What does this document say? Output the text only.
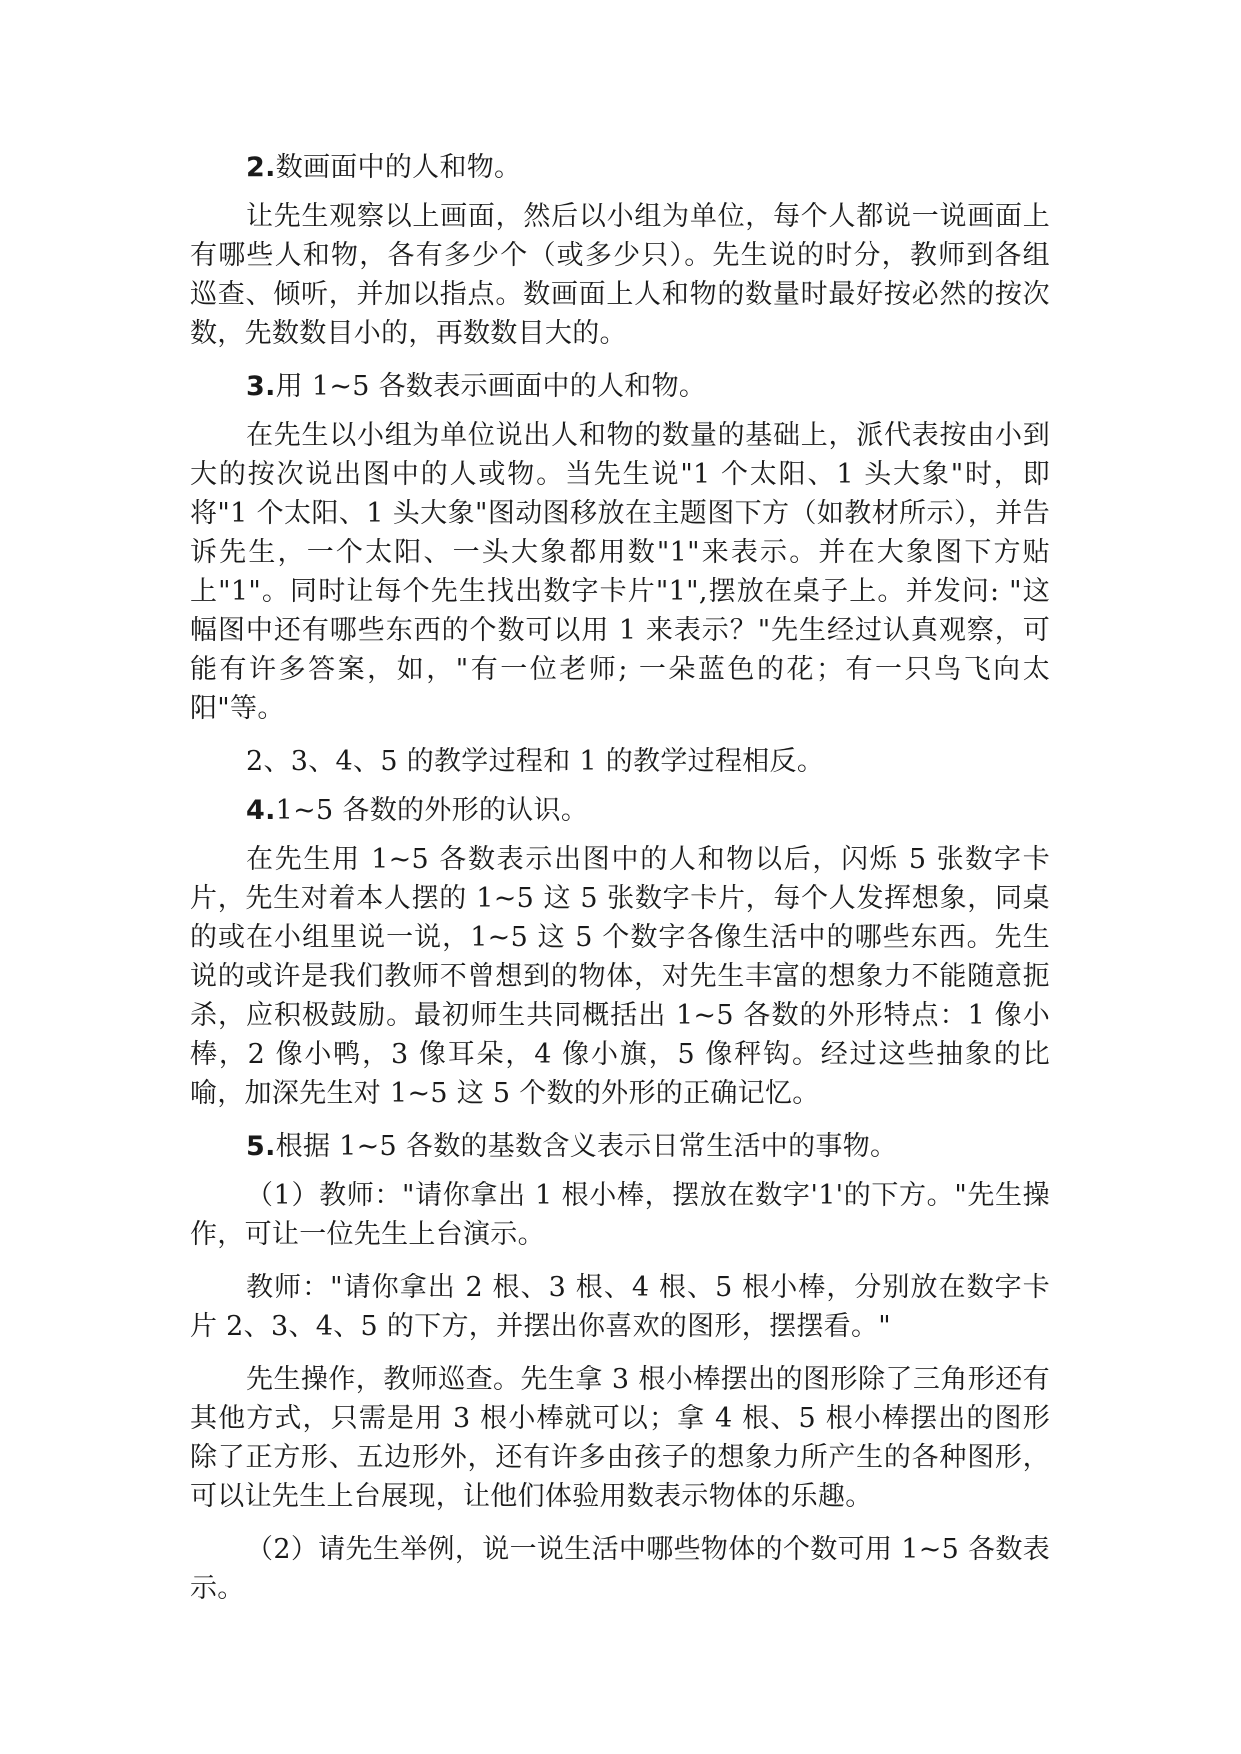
2.数画面中的人和物。

让先生观察以上画面，然后以小组为单位，每个人都说一说画面上有哪些人和物，各有多少个（或多少只）。先生说的时分，教师到各组巡查、倾听，并加以指点。数画面上人和物的数量时最好按必然的按次数，先数数目小的，再数数目大的。

3.用 1~5 各数表示画面中的人和物。

在先生以小组为单位说出人和物的数量的基础上，派代表按由小到大的按次说出图中的人或物。当先生说"1 个太阳、1 头大象"时，即将"1 个太阳、1 头大象"图动图移放在主题图下方（如教材所示），并告诉先生，一个太阳、一头大象都用数"1"来表示。并在大象图下方贴上"1"。同时让每个先生找出数字卡片"1",摆放在桌子上。并发问: "这幅图中还有哪些东西的个数可以用 1 来表示？"先生经过认真观察，可能有许多答案，如，"有一位老师; 一朵蓝色的花；有一只鸟飞向太阳"等。

2、3、4、5 的教学过程和 1 的教学过程相反。

4.1~5 各数的外形的认识。

在先生用 1~5 各数表示出图中的人和物以后，闪烁 5 张数字卡片，先生对着本人摆的 1~5 这 5 张数字卡片，每个人发挥想象，同桌的或在小组里说一说，1~5 这 5 个数字各像生活中的哪些东西。先生说的或许是我们教师不曾想到的物体，对先生丰富的想象力不能随意扼杀，应积极鼓励。最初师生共同概括出 1~5 各数的外形特点：1 像小棒，2 像小鸭，3 像耳朵，4 像小旗，5 像秤钩。经过这些抽象的比喻，加深先生对 1~5 这 5 个数的外形的正确记忆。

5.根据 1~5 各数的基数含义表示日常生活中的事物。

（1）教师："请你拿出 1 根小棒，摆放在数字'1'的下方。"先生操作，可让一位先生上台演示。

教师："请你拿出 2 根、3 根、4 根、5 根小棒，分别放在数字卡片 2、3、4、5 的下方，并摆出你喜欢的图形，摆摆看。"

先生操作，教师巡查。先生拿 3 根小棒摆出的图形除了三角形还有其他方式，只需是用 3 根小棒就可以；拿 4 根、5 根小棒摆出的图形除了正方形、五边形外，还有许多由孩子的想象力所产生的各种图形，可以让先生上台展现，让他们体验用数表示物体的乐趣。

（2）请先生举例，说一说生活中哪些物体的个数可用 1~5 各数表示。
